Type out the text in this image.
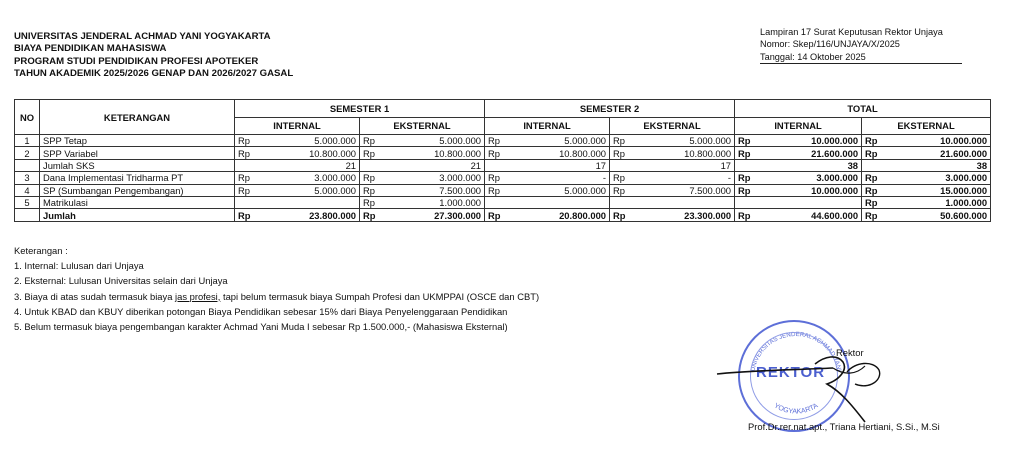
UNIVERSITAS JENDERAL ACHMAD YANI YOGYAKARTA
BIAYA PENDIDIKAN MAHASISWA
PROGRAM STUDI PENDIDIKAN PROFESI APOTEKER
TAHUN AKADEMIK 2025/2026 GENAP DAN 2026/2027 GASAL
Lampiran 17 Surat Keputusan Rektor Unjaya
Nomor: Skep/116/UNJAYA/X/2025
Tanggal: 14 Oktober 2025
NO	KETERANGAN	SEMESTER 1				SEMESTER 2				TOTAL			
		INTERNAL		EKSTERNAL		INTERNAL		EKSTERNAL		INTERNAL		EKSTERNAL	
1	SPP Tetap	Rp	5.000.000	Rp	5.000.000	Rp	5.000.000	Rp	5.000.000	Rp	10.000.000	Rp	10.000.000
2	SPP Variabel	Rp	10.800.000	Rp	10.800.000	Rp	10.800.000	Rp	10.800.000	Rp	21.600.000	Rp	21.600.000
	Jumlah SKS		21		21		17		17		38		38
3	Dana Implementasi Tridharma PT	Rp	3.000.000	Rp	3.000.000	Rp	-	Rp	-	Rp	3.000.000	Rp	3.000.000
4	SP (Sumbangan Pengembangan)	Rp	5.000.000	Rp	7.500.000	Rp	5.000.000	Rp	7.500.000	Rp	10.000.000	Rp	15.000.000
5	Matrikulasi			Rp	1.000.000							Rp	1.000.000
	Jumlah	Rp	23.800.000	Rp	27.300.000	Rp	20.800.000	Rp	23.300.000	Rp	44.600.000	Rp	50.600.000
Keterangan :
1. Internal: Lulusan dari Unjaya
2. Eksternal: Lulusan Universitas selain dari Unjaya
3. Biaya di atas sudah termasuk biaya jas profesi, tapi belum termasuk biaya Sumpah Profesi dan UKMPPAI (OSCE dan CBT)
4. Untuk KBAD dan KBUY diberikan potongan Biaya Pendidikan sebesar 15% dari Biaya Penyelenggaraan Pendidikan
5. Belum termasuk biaya pengembangan karakter Achmad Yani Muda I sebesar Rp 1.500.000,- (Mahasiswa Eksternal)
UNIVERSITAS JENDERAL ACHMAD YANI
YOGYAKARTA
REKTOR
Rektor
Prof.Dr.rer.nat.apt., Triana Hertiani, S.Si., M.Si
